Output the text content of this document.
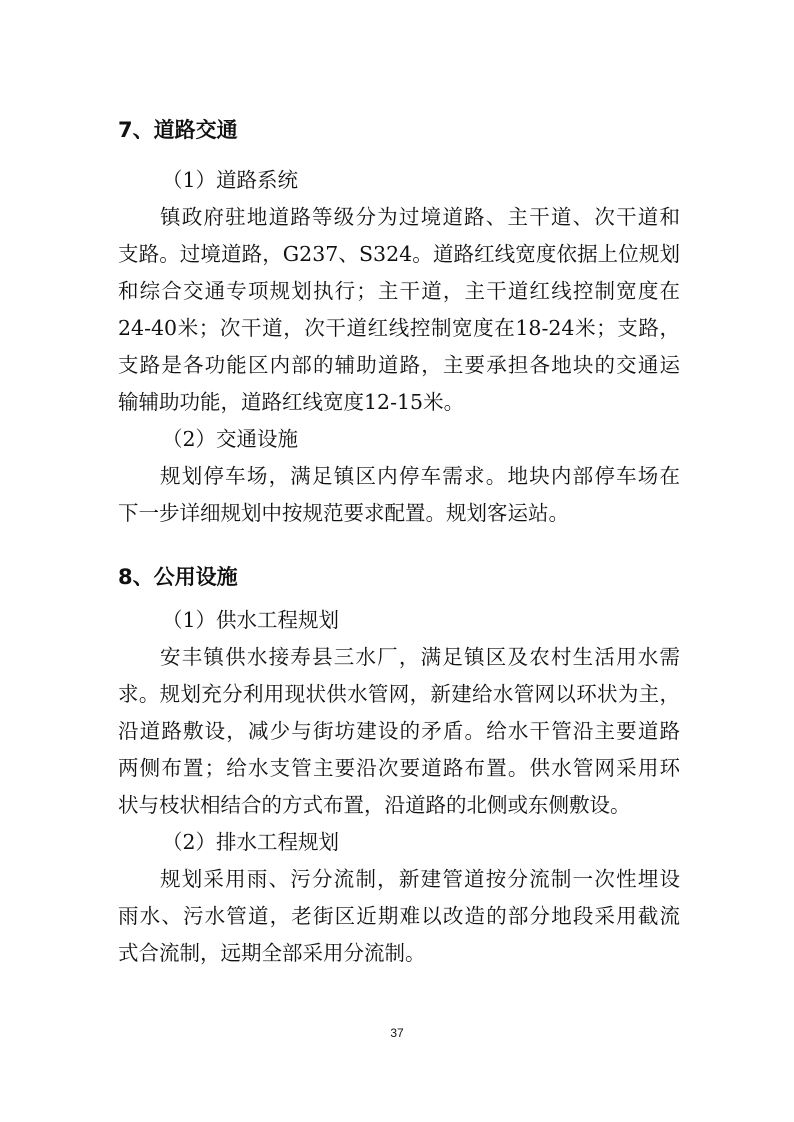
7、道路交通
（1）道路系统
镇政府驻地道路等级分为过境道路、主干道、次干道和
支路。过境道路，G237、S324。道路红线宽度依据上位规划
和综合交通专项规划执行；主干道，主干道红线控制宽度在
24-40米；次干道，次干道红线控制宽度在18-24米；支路，
支路是各功能区内部的辅助道路，主要承担各地块的交通运
输辅助功能，道路红线宽度12-15米。
（2）交通设施
规划停车场，满足镇区内停车需求。地块内部停车场在
下一步详细规划中按规范要求配置。规划客运站。
8、公用设施
（1）供水工程规划
安丰镇供水接寿县三水厂，满足镇区及农村生活用水需
求。规划充分利用现状供水管网，新建给水管网以环状为主，
沿道路敷设，减少与街坊建设的矛盾。给水干管沿主要道路
两侧布置；给水支管主要沿次要道路布置。供水管网采用环
状与枝状相结合的方式布置，沿道路的北侧或东侧敷设。
（2）排水工程规划
规划采用雨、污分流制，新建管道按分流制一次性埋设
雨水、污水管道，老街区近期难以改造的部分地段采用截流
式合流制，远期全部采用分流制。
37
